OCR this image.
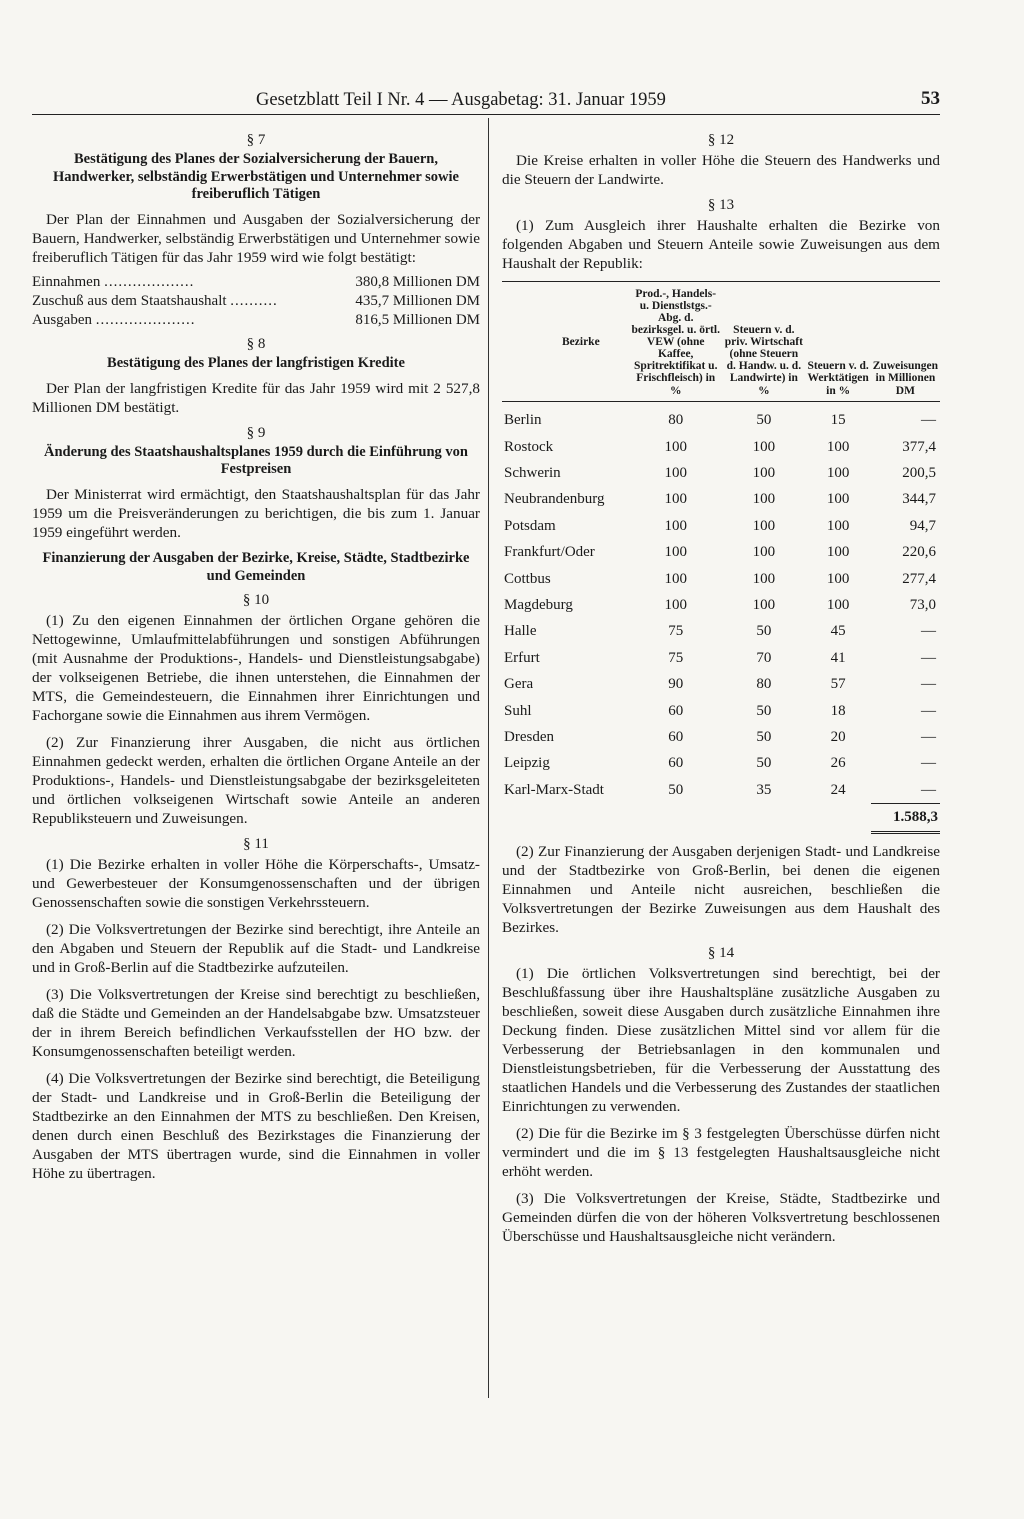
Gesetzblatt Teil I Nr. 4 — Ausgabetag: 31. Januar 1959	53
§ 7
Bestätigung des Planes der Sozialversicherung der Bauern, Handwerker, selbständig Erwerbstätigen und Unternehmer sowie freiberuflich Tätigen

Der Plan der Einnahmen und Ausgaben der Sozialversicherung der Bauern, Handwerker, selbständig Erwerbstätigen und Unternehmer sowie freiberuflich Tätigen für das Jahr 1959 wird wie folgt bestätigt:

Einnahmen ...................	380,8 Millionen DM
Zuschuß aus dem Staatshaushalt ..........	435,7 Millionen DM
Ausgaben .....................	816,5 Millionen DM
§ 8
Bestätigung des Planes der langfristigen Kredite

Der Plan der langfristigen Kredite für das Jahr 1959 wird mit 2 527,8 Millionen DM bestätigt.

§ 9
Änderung des Staatshaushaltsplanes 1959 durch die Einführung von Festpreisen

Der Ministerrat wird ermächtigt, den Staatshaushaltsplan für das Jahr 1959 um die Preisveränderungen zu berichtigen, die bis zum 1. Januar 1959 eingeführt werden.

Finanzierung der Ausgaben der Bezirke, Kreise, Städte, Stadtbezirke und Gemeinden
§ 10

(1) Zu den eigenen Einnahmen der örtlichen Organe gehören die Nettogewinne, Umlaufmittelabführungen und sonstigen Abführungen (mit Ausnahme der Produktions-, Handels- und Dienstleistungsabgabe) der volkseigenen Betriebe, die ihnen unterstehen, die Einnahmen der MTS, die Gemeindesteuern, die Einnahmen ihrer Einrichtungen und Fachorgane sowie die Einnahmen aus ihrem Vermögen.

(2) Zur Finanzierung ihrer Ausgaben, die nicht aus örtlichen Einnahmen gedeckt werden, erhalten die örtlichen Organe Anteile an der Produktions-, Handels- und Dienstleistungsabgabe der bezirksgeleiteten und örtlichen volkseigenen Wirtschaft sowie Anteile an anderen Republiksteuern und Zuweisungen.

§ 11

(1) Die Bezirke erhalten in voller Höhe die Körperschafts-, Umsatz- und Gewerbesteuer der Konsumgenossenschaften und der übrigen Genossenschaften sowie die sonstigen Verkehrssteuern.

(2) Die Volksvertretungen der Bezirke sind berechtigt, ihre Anteile an den Abgaben und Steuern der Republik auf die Stadt- und Landkreise und in Groß-Berlin auf die Stadtbezirke aufzuteilen.

(3) Die Volksvertretungen der Kreise sind berechtigt zu beschließen, daß die Städte und Gemeinden an der Handelsabgabe bzw. Umsatzsteuer der in ihrem Bereich befindlichen Verkaufsstellen der HO bzw. der Konsumgenossenschaften beteiligt werden.

(4) Die Volksvertretungen der Bezirke sind berechtigt, die Beteiligung der Stadt- und Landkreise und in Groß-Berlin die Beteiligung der Stadtbezirke an den Einnahmen der MTS zu beschließen. Den Kreisen, denen durch einen Beschluß des Bezirkstages die Finanzierung der Ausgaben der MTS übertragen wurde, sind die Einnahmen in voller Höhe zu übertragen.

§ 12

Die Kreise erhalten in voller Höhe die Steuern des Handwerks und die Steuern der Landwirte.

§ 13

(1) Zum Ausgleich ihrer Haushalte erhalten die Bezirke von folgenden Abgaben und Steuern Anteile sowie Zuweisungen aus dem Haushalt der Republik:

Bezirke	Prod.-, Handels- u. Dienstlstgs.-Abg. d. bezirksgel. u. örtl. VEW (ohne Kaffee, Spritrektifikat u. Frischfleisch) in %	Steuern v. d. priv. Wirtschaft (ohne Steuern d. Handw. u. d. Landwirte) in %	Steuern v. d. Werktätigen in %	Zuweisungen in Millionen DM
Berlin	80	50	15	—
Rostock	100	100	100	377,4
Schwerin	100	100	100	200,5
Neubrandenburg	100	100	100	344,7
Potsdam	100	100	100	94,7
Frankfurt/Oder	100	100	100	220,6
Cottbus	100	100	100	277,4
Magdeburg	100	100	100	73,0
Halle	75	50	45	—
Erfurt	75	70	41	—
Gera	90	80	57	—
Suhl	60	50	18	—
Dresden	60	50	20	—
Leipzig	60	50	26	—
Karl-Marx-Stadt	50	35	24	—
				1.588,3

(2) Zur Finanzierung der Ausgaben derjenigen Stadt- und Landkreise und der Stadtbezirke von Groß-Berlin, bei denen die eigenen Einnahmen und Anteile nicht ausreichen, beschließen die Volksvertretungen der Bezirke Zuweisungen aus dem Haushalt des Bezirkes.

§ 14

(1) Die örtlichen Volksvertretungen sind berechtigt, bei der Beschlußfassung über ihre Haushaltspläne zusätzliche Ausgaben zu beschließen, soweit diese Ausgaben durch zusätzliche Einnahmen ihre Deckung finden. Diese zusätzlichen Mittel sind vor allem für die Verbesserung der Betriebsanlagen in den kommunalen und Dienstleistungsbetrieben, für die Verbesserung der Ausstattung des staatlichen Handels und die Verbesserung des Zustandes der staatlichen Einrichtungen zu verwenden.

(2) Die für die Bezirke im § 3 festgelegten Überschüsse dürfen nicht vermindert und die im § 13 festgelegten Haushaltsausgleiche nicht erhöht werden.

(3) Die Volksvertretungen der Kreise, Städte, Stadtbezirke und Gemeinden dürfen die von der höheren Volksvertretung beschlossenen Überschüsse und Haushaltsausgleiche nicht verändern.
